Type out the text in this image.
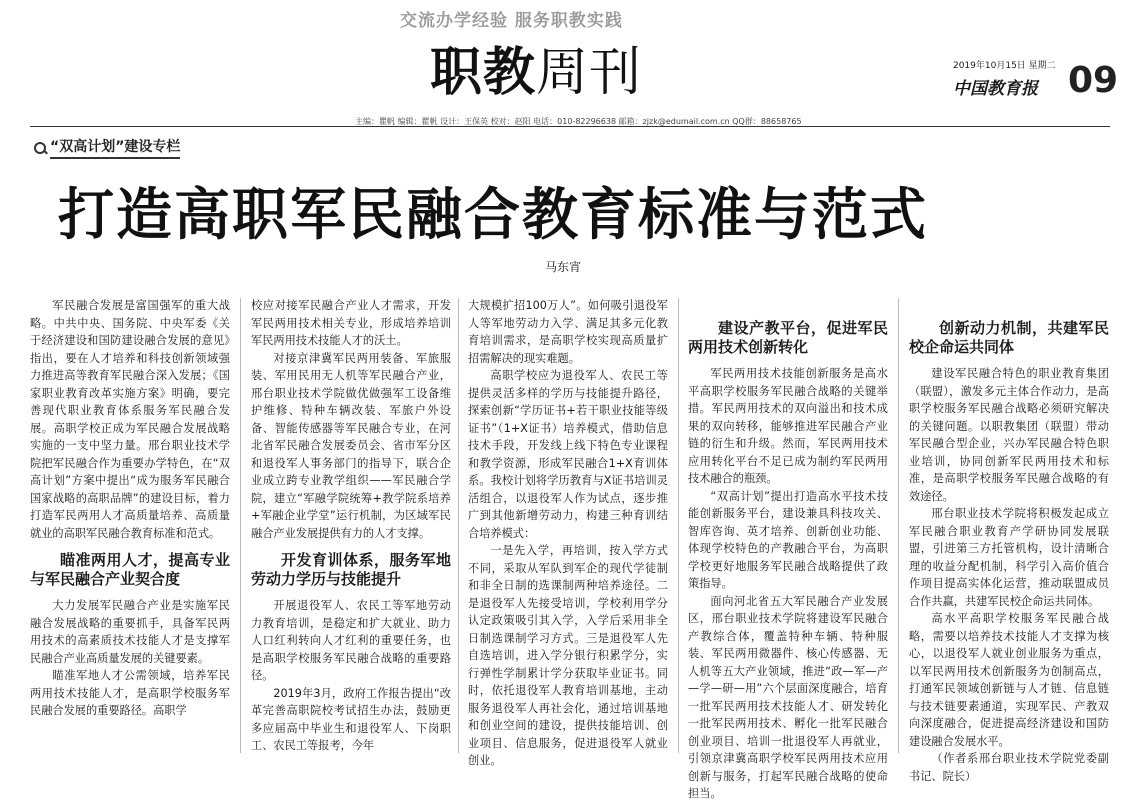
交流办学经验 服务职教实践
职教周刊	2019年10月15日 星期二
中国教育报 09
主编：瞿帆 编辑：瞿帆 设计：王保英 校对：赵阳 电话：010-82296638 邮箱：zjzk@edumail.com.cn QQ群：88658765
“双高计划”建设专栏
打造高职军民融合教育标准与范式
马东宵

军民融合发展是富国强军的重大战略。中共中央、国务院、中央军委《关于经济建设和国防建设融合发展的意见》指出，要在人才培养和科技创新领域强力推进高等教育军民融合深入发展；《国家职业教育改革实施方案》明确，要完善现代职业教育体系服务军民融合发展。高职学校正成为军民融合发展战略实施的一支中坚力量。邢台职业技术学院把军民融合作为重要办学特色，在“双高计划”方案中提出“成为服务军民融合国家战略的高职品牌”的建设目标，着力打造军民两用人才高质量培养、高质量就业的高职军民融合教育标准和范式。

瞄准两用人才，提高专业与军民融合产业契合度

大力发展军民融合产业是实施军民融合发展战略的重要抓手，具备军民两用技术的高素质技术技能人才是支撑军民融合产业高质量发展的关键要素。

瞄准军地人才公需领域，培养军民两用技术技能人才，是高职学校服务军民融合发展的重要路径。高职学

校应对接军民融合产业人才需求，开发军民两用技术相关专业，形成培养培训军民两用技术技能人才的沃土。

对接京津冀军民两用装备、军旅服装、军用民用无人机等军民融合产业，邢台职业技术学院做优做强军工设备维护维修、特种车辆改装、军旅户外设备、智能传感器等军民融合专业，在河北省军民融合发展委员会、省市军分区和退役军人事务部门的指导下，联合企业成立跨专业教学组织——军民融合学院，建立“军融学院统筹+教学院系培养+军融企业学堂”运行机制，为区域军民融合产业发展提供有力的人才支撑。

开发育训体系，服务军地劳动力学历与技能提升

开展退役军人、农民工等军地劳动力教育培训，是稳定和扩大就业、助力人口红利转向人才红利的重要任务，也是高职学校服务军民融合战略的重要路径。

2019年3月，政府工作报告提出“改革完善高职院校考试招生办法，鼓励更多应届高中毕业生和退役军人、下岗职工、农民工等报考，今年

大规模扩招100万人”。如何吸引退役军人等军地劳动力入学、满足其多元化教育培训需求，是高职学校实现高质量扩招需解决的现实难题。

高职学校应为退役军人、农民工等提供灵活多样的学历与技能提升路径，探索创新“学历证书+若干职业技能等级证书”（1+X证书）培养模式，借助信息技术手段，开发线上线下特色专业课程和教学资源，形成军民融合1+X育训体系。我校计划将学历教育与X证书培训灵活组合，以退役军人作为试点，逐步推广到其他新增劳动力，构建三种育训结合培养模式：

一是先入学，再培训，按入学方式不同，采取从军队到军企的现代学徒制和非全日制的选课制两种培养途径。二是退役军人先接受培训，学校利用学分认定政策吸引其入学，入学后采用非全日制选课制学习方式。三是退役军人先自选培训，进入学分银行积累学分，实行弹性学制累计学分获取毕业证书。同时，依托退役军人教育培训基地，主动服务退役军人再社会化，通过培训基地和创业空间的建设，提供技能培训、创业项目、信息服务，促进退役军人就业创业。

建设产教平台，促进军民两用技术创新转化

军民两用技术技能创新服务是高水平高职学校服务军民融合战略的关键举措。军民两用技术的双向溢出和技术成果的双向转移，能够推进军民融合产业链的衍生和升级。然而，军民两用技术应用转化平台不足已成为制约军民两用技术融合的瓶颈。

“双高计划”提出打造高水平技术技能创新服务平台，建设兼具科技攻关、智库咨询、英才培养、创新创业功能、体现学校特色的产教融合平台，为高职学校更好地服务军民融合战略提供了政策指导。

面向河北省五大军民融合产业发展区，邢台职业技术学院将建设军民融合产教综合体，覆盖特种车辆、特种服装、军民两用微器件、核心传感器、无人机等五大产业领域，推进“政—军—产—学—研—用”六个层面深度融合，培育一批军民两用技术技能人才、研发转化一批军民两用技术、孵化一批军民融合创业项目、培训一批退役军人再就业，引领京津冀高职学校军民两用技术应用创新与服务，打起军民融合战略的使命担当。

创新动力机制，共建军民校企命运共同体

建设军民融合特色的职业教育集团（联盟），激发多元主体合作动力，是高职学校服务军民融合战略必须研究解决的关键问题。以职教集团（联盟）带动军民融合型企业，兴办军民融合特色职业培训，协同创新军民两用技术和标准，是高职学校服务军民融合战略的有效途径。

邢台职业技术学院将积极发起成立军民融合职业教育产学研协同发展联盟，引进第三方托管机构，设计清晰合理的收益分配机制，科学引入高价值合作项目提高实体化运营，推动联盟成员合作共赢，共建军民校企命运共同体。

高水平高职学校服务军民融合战略，需要以培养技术技能人才支撑为核心，以退役军人就业创业服务为重点，以军民两用技术创新服务为创制高点，打通军民领域创新链与人才链、信息链与技术链要素通道，实现军民、产教双向深度融合，促进提高经济建设和国防建设融合发展水平。

（作者系邢台职业技术学院党委副书记、院长）
